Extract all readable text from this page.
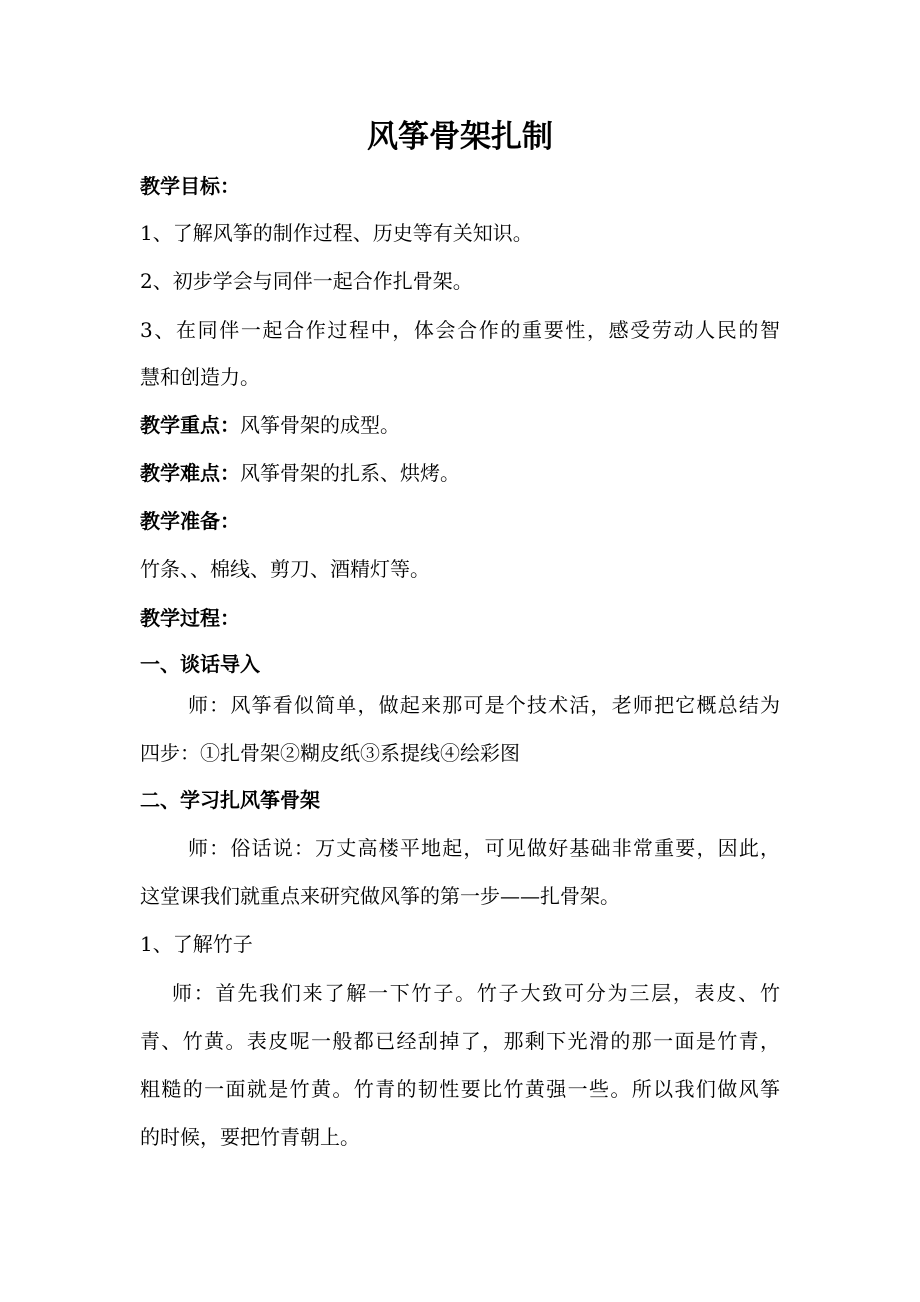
风筝骨架扎制
教学目标：
1、了解风筝的制作过程、历史等有关知识。
2、初步学会与同伴一起合作扎骨架。
3、在同伴一起合作过程中，体会合作的重要性，感受劳动人民的智
慧和创造力。
教学重点：风筝骨架的成型。
教学难点：风筝骨架的扎系、烘烤。
教学准备：
竹条、、棉线、剪刀、酒精灯等。
教学过程：
一、谈话导入
师：风筝看似简单，做起来那可是个技术活，老师把它概总结为
四步：①扎骨架②糊皮纸③系提线④绘彩图
二、学习扎风筝骨架
师：俗话说：万丈高楼平地起，可见做好基础非常重要，因此，
这堂课我们就重点来研究做风筝的第一步——扎骨架。
1、了解竹子
师：首先我们来了解一下竹子。竹子大致可分为三层，表皮、竹
青、竹黄。表皮呢一般都已经刮掉了，那剩下光滑的那一面是竹青，
粗糙的一面就是竹黄。竹青的韧性要比竹黄强一些。所以我们做风筝
的时候，要把竹青朝上。
